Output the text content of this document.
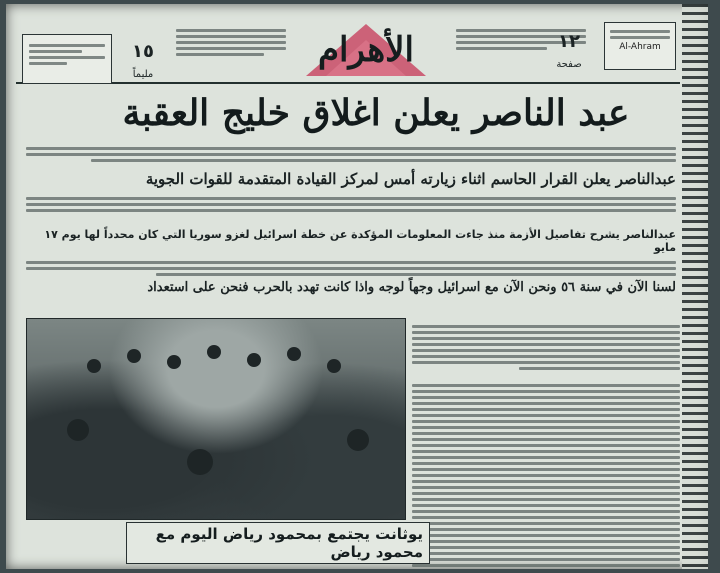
١٥
مليماً
الأهرام	١٢
صفحة
Al-Ahram
عبد الناصر يعلن اغلاق خليج العقبة
عبدالناصر يعلن القرار الحاسم اثناء زيارته أمس لمركز القيادة المتقدمة للقوات الجوية
عبدالناصر يشرح تفاصيل الأزمة منذ جاءت المعلومات المؤكدة عن خطة اسرائيل لغزو سوريا التي كان محدداً لها يوم ١٧ مايو
لسنا الآن في سنة ٥٦ ونحن الآن مع اسرائيل وجهاً لوجه واذا كانت تهدد بالحرب فنحن على استعداد
يوثانت يجتمع بمحمود رياض اليوم مع محمود رياض
